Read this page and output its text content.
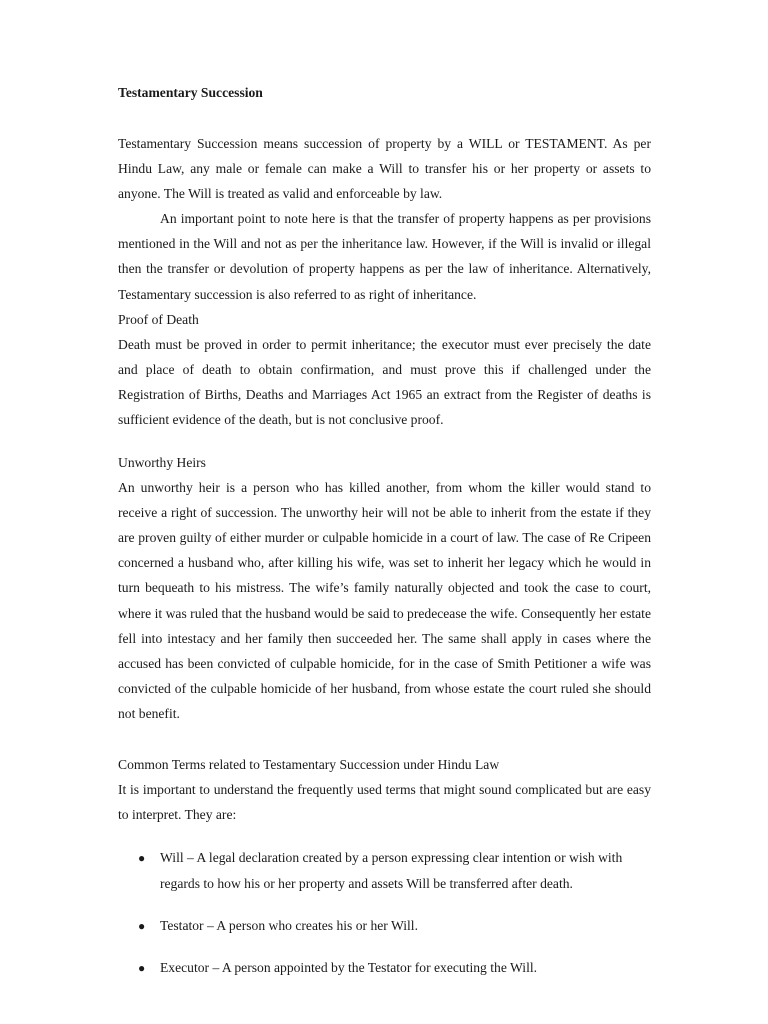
Testamentary Succession

Testamentary Succession means succession of property by a WILL or TESTAMENT. As per Hindu Law, any male or female can make a Will to transfer his or her property or assets to anyone. The Will is treated as valid and enforceable by law.

An important point to note here is that the transfer of property happens as per provisions mentioned in the Will and not as per the inheritance law. However, if the Will is invalid or illegal then the transfer or devolution of property happens as per the law of inheritance. Alternatively, Testamentary succession is also referred to as right of inheritance.

Proof of Death

Death must be proved in order to permit inheritance; the executor must ever precisely the date and place of death to obtain confirmation, and must prove this if challenged under the Registration of Births, Deaths and Marriages Act 1965 an extract from the Register of deaths is sufficient evidence of the death, but is not conclusive proof.

Unworthy Heirs

An unworthy heir is a person who has killed another, from whom the killer would stand to receive a right of succession. The unworthy heir will not be able to inherit from the estate if they are proven guilty of either murder or culpable homicide in a court of law. The case of Re Cripeen concerned a husband who, after killing his wife, was set to inherit her legacy which he would in turn bequeath to his mistress. The wife’s family naturally objected and took the case to court, where it was ruled that the husband would be said to predecease the wife. Consequently her estate fell into intestacy and her family then succeeded her. The same shall apply in cases where the accused has been convicted of culpable homicide, for in the case of Smith Petitioner a wife was convicted of the culpable homicide of her husband, from whose estate the court ruled she should not benefit.

Common Terms related to Testamentary Succession under Hindu Law

It is important to understand the frequently used terms that might sound complicated but are easy to interpret. They are:

● Will – A legal declaration created by a person expressing clear intention or wish with regards to how his or her property and assets Will be transferred after death.
● Testator – A person who creates his or her Will.
● Executor – A person appointed by the Testator for executing the Will.
